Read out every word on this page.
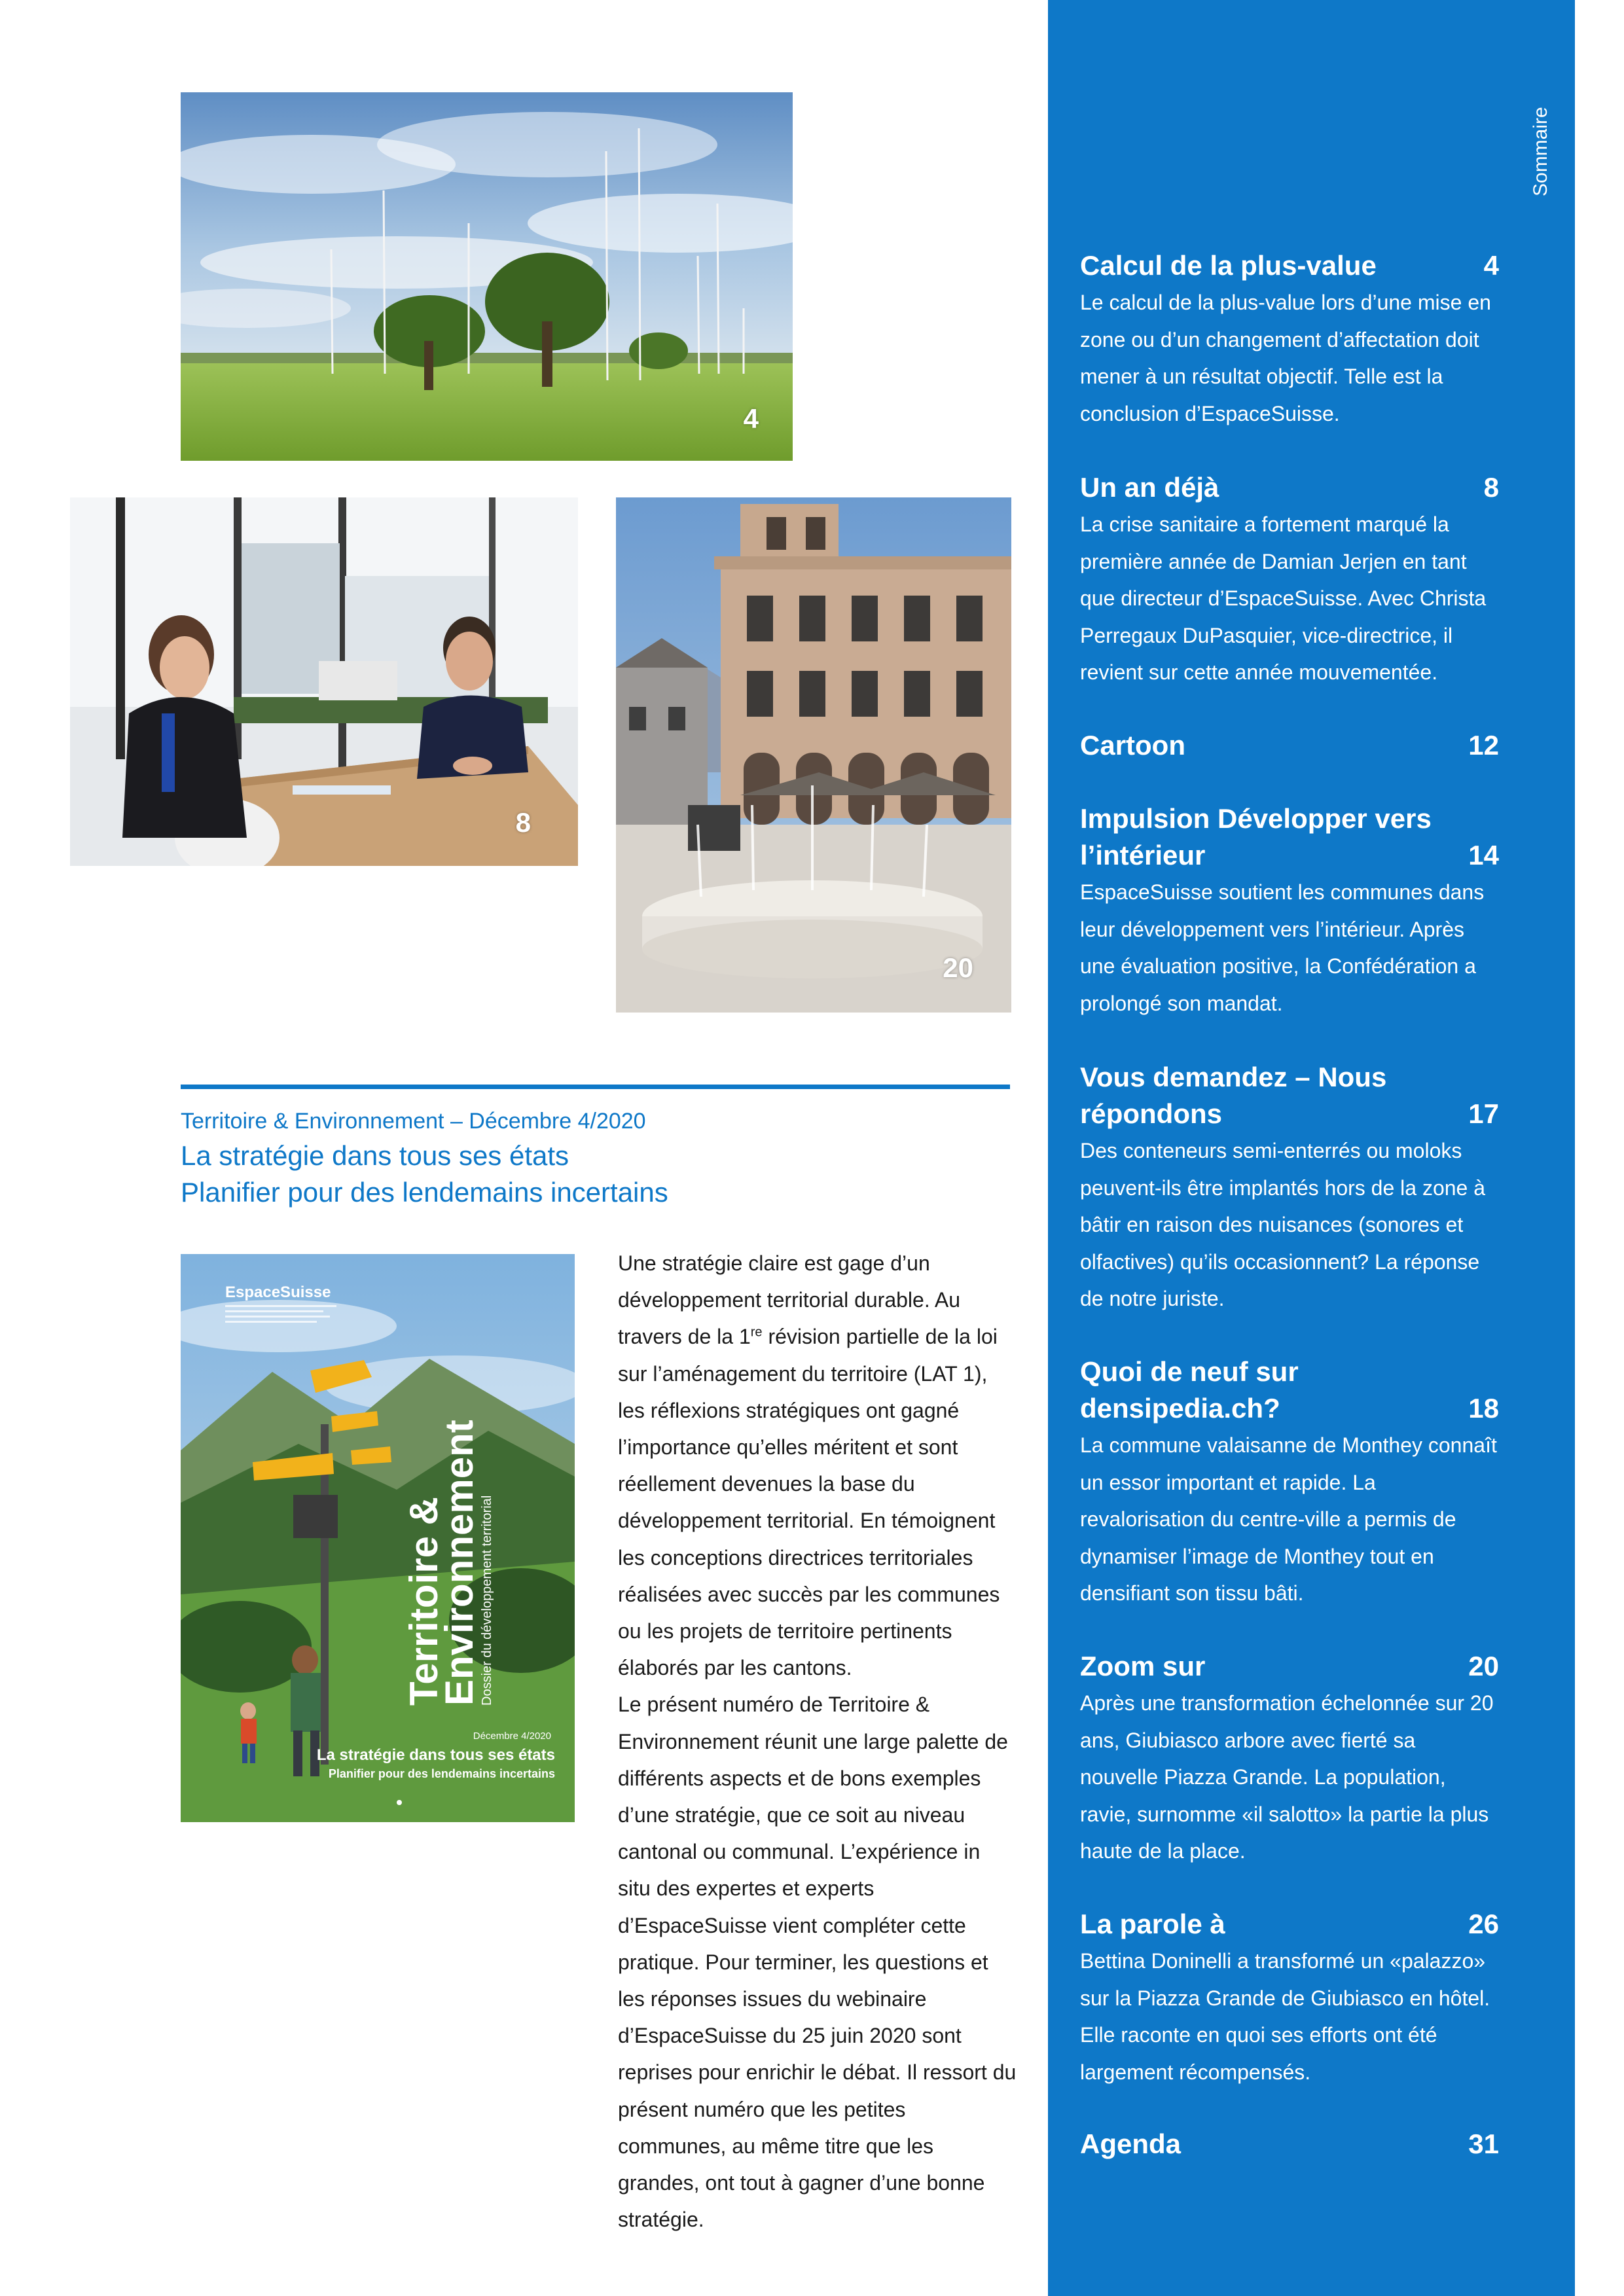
Sommaire
Calcul de la plus-value	4
Le calcul de la plus-value lors d’une mise en zone ou d’un changement d’affectation doit mener à un résultat objectif. Telle est la conclusion d’EspaceSuisse.
Un an déjà	8
La crise sanitaire a fortement marqué la première année de Damian Jerjen en tant que directeur d’EspaceSuisse. Avec Christa Perregaux DuPasquier, vice-directrice, il revient sur cette année mouvementée.
Cartoon	12
Impulsion Développer vers l’intérieur	14
EspaceSuisse soutient les communes dans leur développement vers l’intérieur. Après une évaluation positive, la Confédération a prolongé son mandat.
Vous demandez – Nous répondons	17
Des conteneurs semi-enterrés ou moloks peuvent-ils être implantés hors de la zone à bâtir en raison des nuisances (sonores et olfactives) qu’ils occasionnent? La réponse de notre juriste.
Quoi de neuf sur densipedia.ch?	18
La commune valaisanne de Monthey connaît un essor important et rapide. La revalorisation du centre-ville a permis de dynamiser l’image de Monthey tout en densifiant son tissu bâti.
Zoom sur	20
Après une transformation échelonnée sur 20 ans, Giubiasco arbore avec fierté sa nouvelle Piazza Grande. La population, ravie, surnomme «il salotto» la partie la plus haute de la place.
La parole à	26
Bettina Doninelli a transformé un «palazzo» sur la Piazza Grande de Giubiasco en hôtel. Elle raconte en quoi ses efforts ont été largement récompensés.
Agenda	31
4
8
20
Territoire & Environnement – Décembre 4/2020
La stratégie dans tous ses états
Planifier pour des lendemains incertains

Une stratégie claire est gage d’un développement territorial durable. Au travers de la 1re révision partielle de la loi sur l’aménagement du territoire (LAT 1), les réflexions stratégiques ont gagné l’importance qu’elles méritent et sont réellement devenues la base du développement territorial. En témoignent les conceptions directrices territoriales réalisées avec succès par les communes ou les projets de territoire pertinents élaborés par les cantons.

Le présent numéro de Territoire & Environnement réunit une large palette de différents aspects et de bons exemples d’une stratégie, que ce soit au niveau cantonal ou communal. L’expérience in situ des expertes et experts d’EspaceSuisse vient compléter cette pratique. Pour terminer, les questions et les réponses issues du webinaire d’EspaceSuisse du 25 juin 2020 sont reprises pour enrichir le débat. Il ressort du présent numéro que les petites communes, au même titre que les grandes, ont tout à gagner d’une bonne stratégie.

EspaceSuisse
Territoire &
Environnement
Dossier du développement territorial
Décembre 4/2020
La stratégie dans tous ses états
Planifier pour des lendemains incertains
